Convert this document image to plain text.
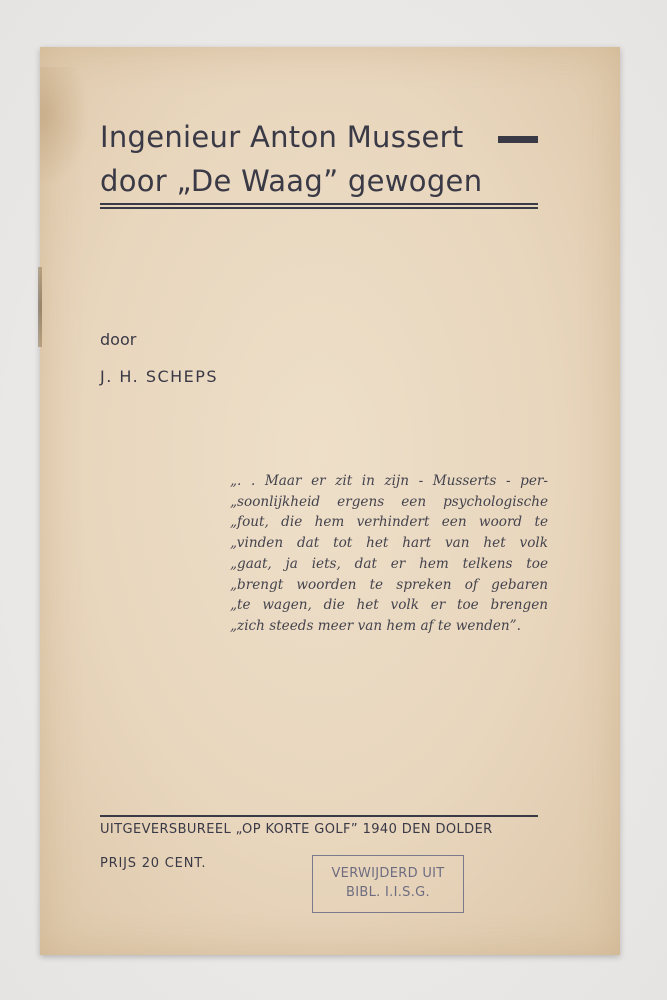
Ingenieur Anton Mussert
door „De Waag” gewogen
door
J. H. SCHEPS
„. . Maar er zit in zijn - Musserts - per-
„soonlijkheid ergens een psychologische
„fout, die hem verhindert een woord te
„vinden dat tot het hart van het volk
„gaat, ja iets, dat er hem telkens toe
„brengt woorden te spreken of gebaren
„te wagen, die het volk er toe brengen
„zich steeds meer van hem af te wenden”.
UITGEVERSBUREEL „OP KORTE GOLF” 1940 DEN DOLDER
PRIJS 20 CENT.
VERWIJDERD UIT
BIBL. I.I.S.G.
